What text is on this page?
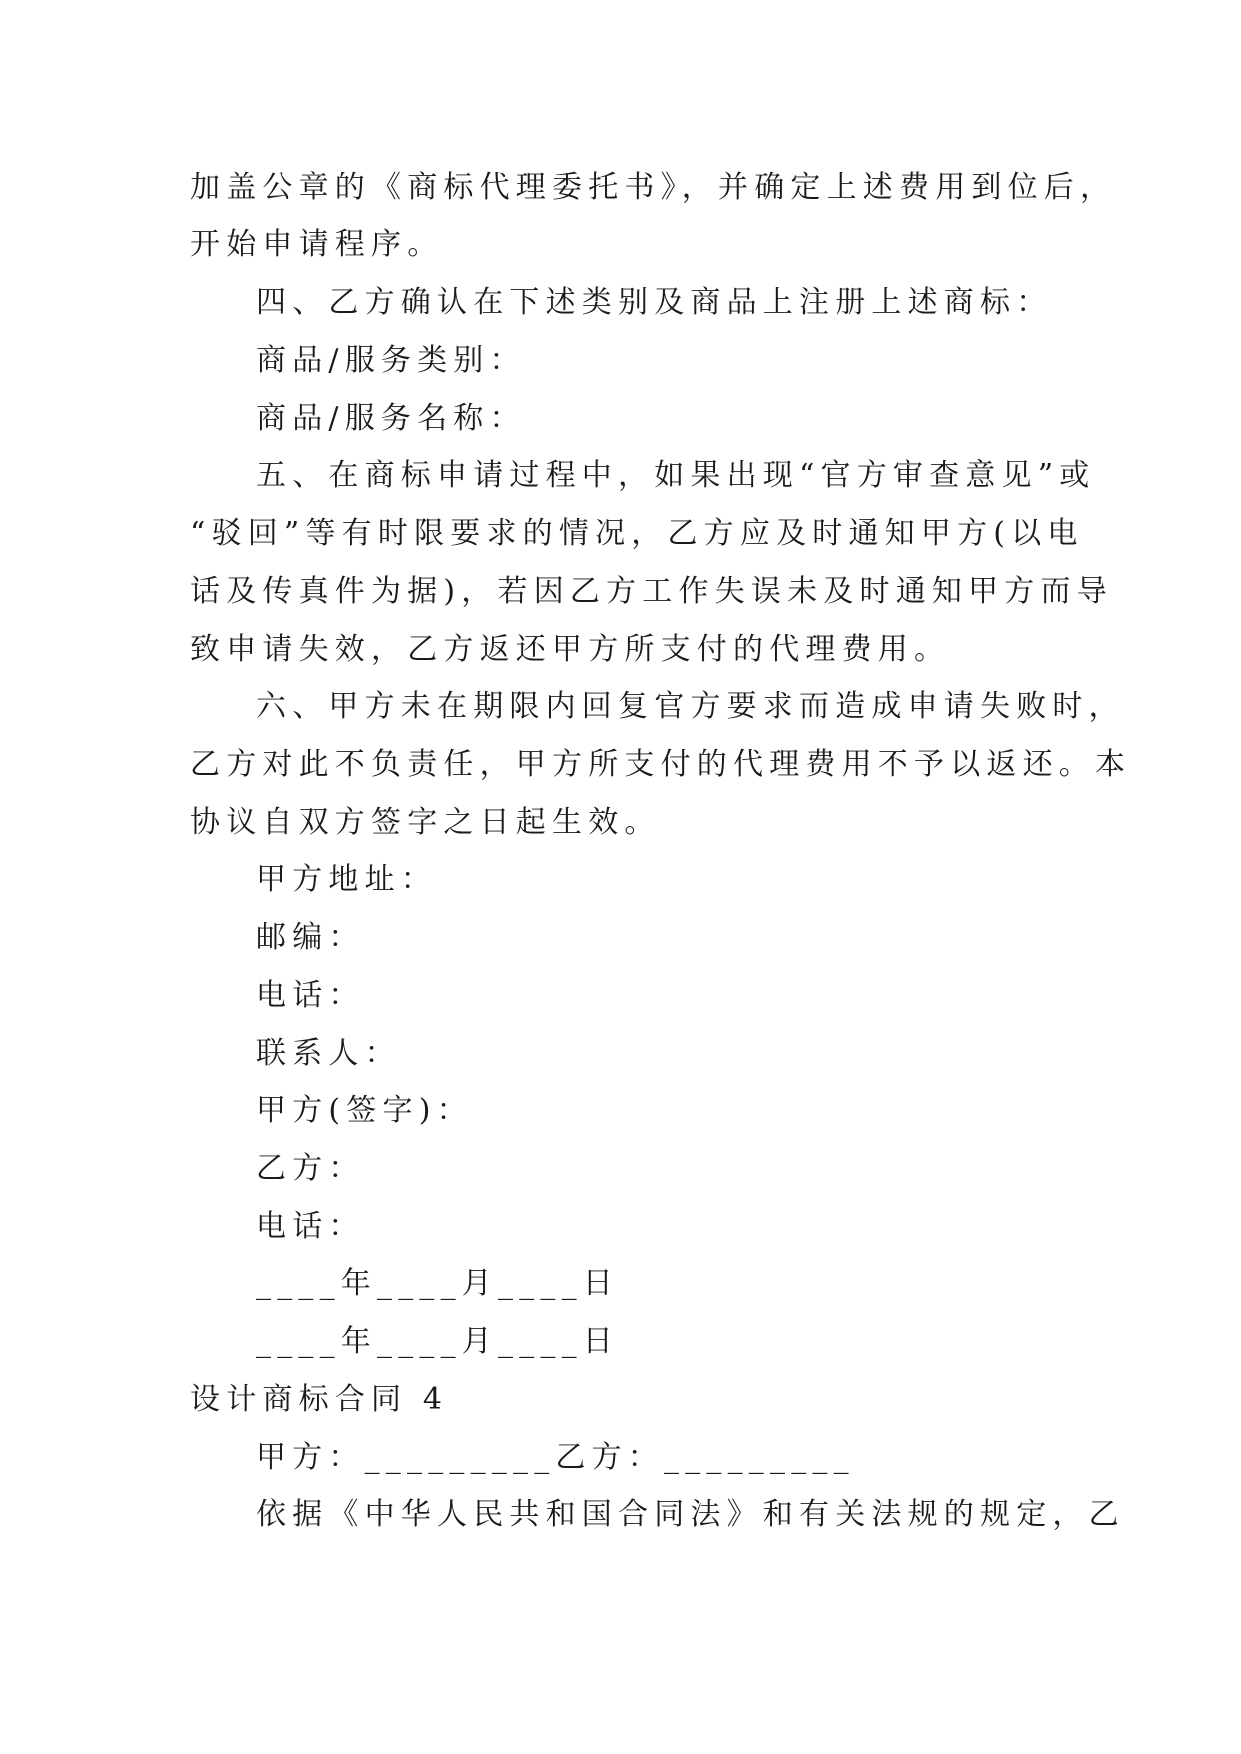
加盖公章的《商标代理委托书》，并确定上述费用到位后，

开始申请程序。

四、乙方确认在下述类别及商品上注册上述商标：

商品/服务类别：

商品/服务名称：

五、在商标申请过程中，如果出现“官方审查意见”或

“驳回”等有时限要求的情况，乙方应及时通知甲方(以电

话及传真件为据)，若因乙方工作失误未及时通知甲方而导

致申请失效，乙方返还甲方所支付的代理费用。

六、甲方未在期限内回复官方要求而造成申请失败时，

乙方对此不负责任，甲方所支付的代理费用不予以返还。本

协议自双方签字之日起生效。

甲方地址：

邮编：

电话：

联系人：

甲方(签字)：

乙方：

电话：

____年____月____日

____年____月____日

设计商标合同 4

甲方：_________乙方：_________

依据《中华人民共和国合同法》和有关法规的规定，乙
